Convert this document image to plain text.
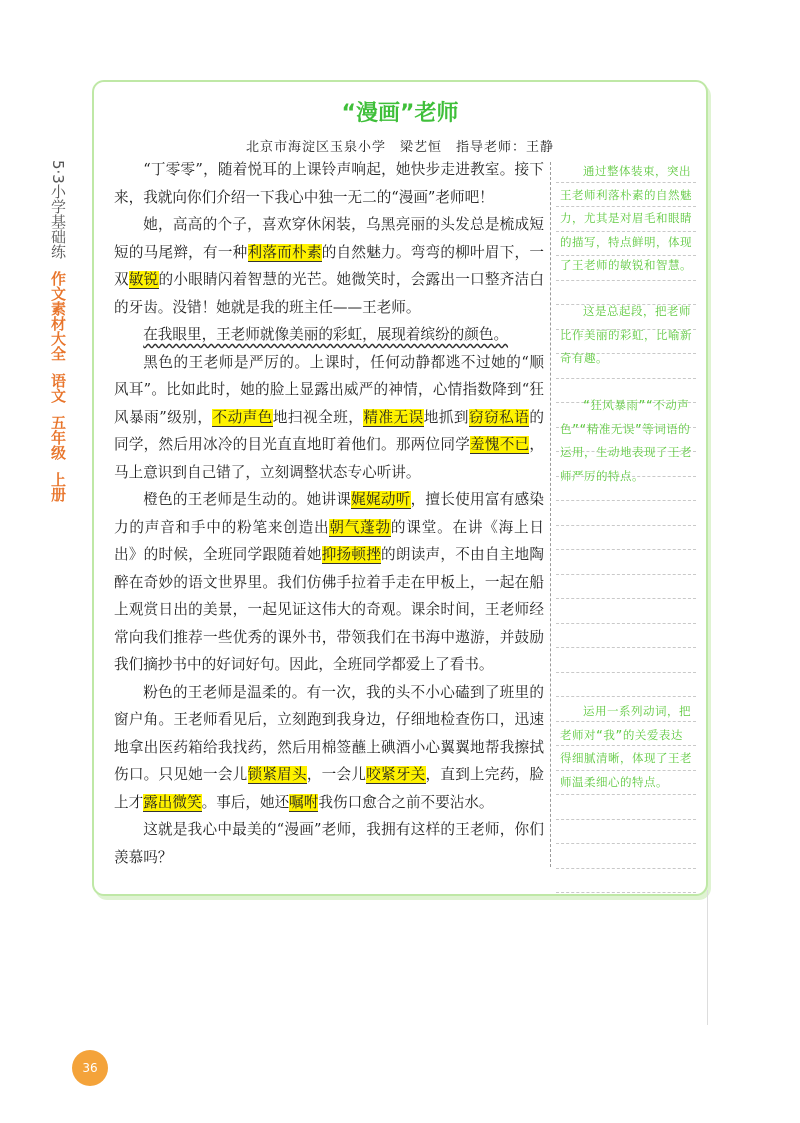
5·3小学基础练
作文素材大全
语文
五年级
上册
“漫画”老师
北京市海淀区玉泉小学　梁艺恒　指导老师：王静

“丁零零”，随着悦耳的上课铃声响起，她快步走进教室。接下来，我就向你们介绍一下我心中独一无二的“漫画”老师吧！

她，高高的个子，喜欢穿休闲装，乌黑亮丽的头发总是梳成短短的马尾辫，有一种利落而朴素的自然魅力。弯弯的柳叶眉下，一双敏锐的小眼睛闪着智慧的光芒。她微笑时，会露出一口整齐洁白的牙齿。没错！她就是我的班主任——王老师。

在我眼里，王老师就像美丽的彩虹，展现着缤纷的颜色。

黑色的王老师是严厉的。上课时，任何动静都逃不过她的“顺风耳”。比如此时，她的脸上显露出威严的神情，心情指数降到“狂风暴雨”级别，不动声色地扫视全班，精准无误地抓到窃窃私语的同学，然后用冰冷的目光直直地盯着他们。那两位同学羞愧不已，马上意识到自己错了，立刻调整状态专心听讲。

橙色的王老师是生动的。她讲课娓娓动听，擅长使用富有感染力的声音和手中的粉笔来创造出朝气蓬勃的课堂。在讲《海上日出》的时候，全班同学跟随着她抑扬顿挫的朗读声，不由自主地陶醉在奇妙的语文世界里。我们仿佛手拉着手走在甲板上，一起在船上观赏日出的美景，一起见证这伟大的奇观。课余时间，王老师经常向我们推荐一些优秀的课外书，带领我们在书海中遨游，并鼓励我们摘抄书中的好词好句。因此，全班同学都爱上了看书。

粉色的王老师是温柔的。有一次，我的头不小心磕到了班里的窗户角。王老师看见后，立刻跑到我身边，仔细地检查伤口，迅速地拿出医药箱给我找药，然后用棉签蘸上碘酒小心翼翼地帮我擦拭伤口。只见她一会儿锁紧眉头，一会儿咬紧牙关，直到上完药，脸上才露出微笑。事后，她还嘱咐我伤口愈合之前不要沾水。

这就是我心中最美的“漫画”老师，我拥有这样的王老师，你们羡慕吗？

通过整体装束，突出王老师利落朴素的自然魅力，尤其是对眉毛和眼睛的描写，特点鲜明，体现了王老师的敏锐和智慧。
这是总起段，把老师比作美丽的彩虹，比喻新奇有趣。
“狂风暴雨”“不动声色”“精准无误”等词语的运用，生动地表现了王老师严厉的特点。
运用一系列动词，把老师对“我”的关爱表达得细腻清晰，体现了王老师温柔细心的特点。
36
